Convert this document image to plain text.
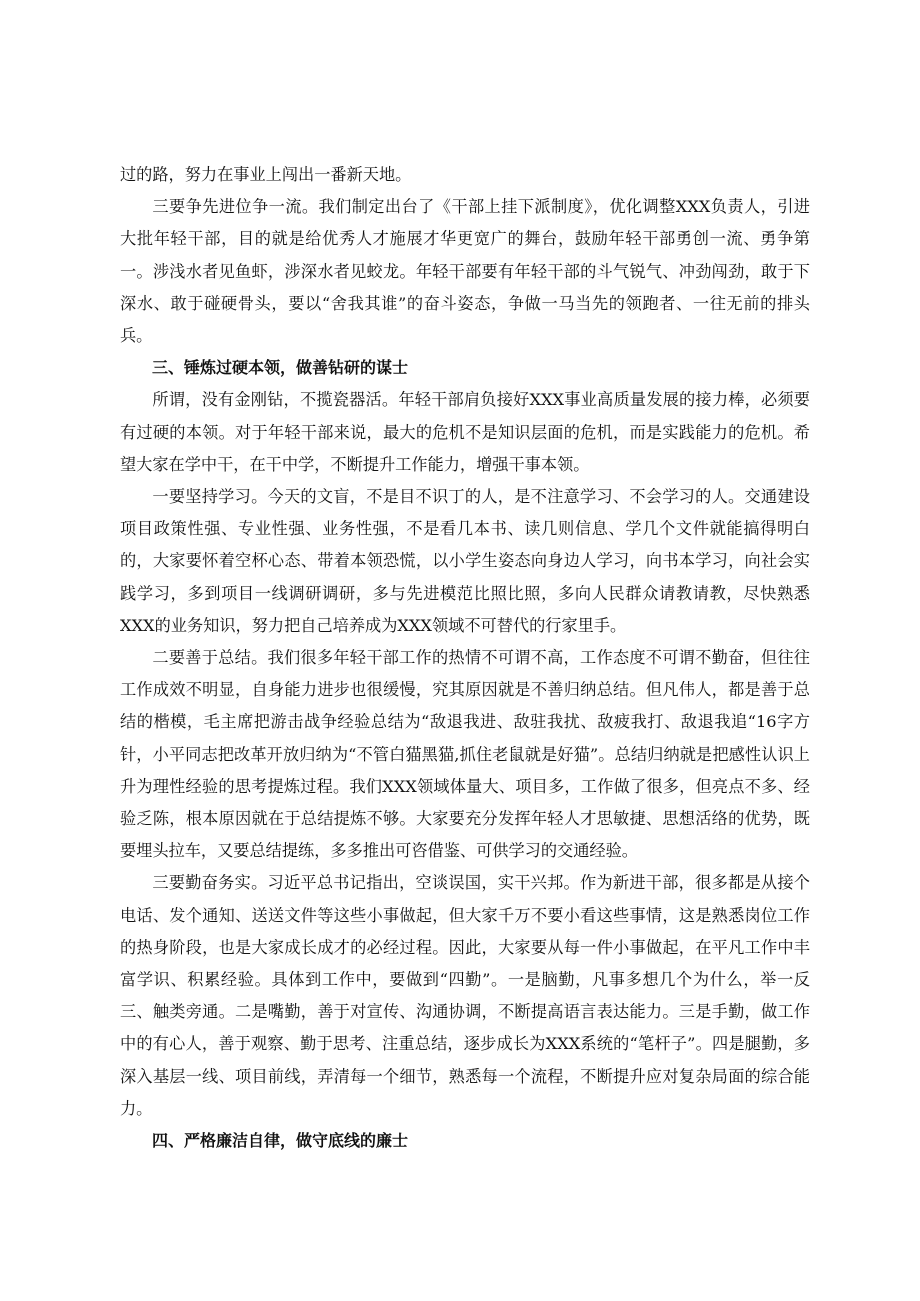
过的路，努力在事业上闯出一番新天地。

三要争先进位争一流。我们制定出台了《干部上挂下派制度》，优化调整XXX负责人，引进大批年轻干部，目的就是给优秀人才施展才华更宽广的舞台，鼓励年轻干部勇创一流、勇争第一。涉浅水者见鱼虾，涉深水者见蛟龙。年轻干部要有年轻干部的斗气锐气、冲劲闯劲，敢于下深水、敢于碰硬骨头，要以“舍我其谁”的奋斗姿态，争做一马当先的领跑者、一往无前的排头兵。

三、锤炼过硬本领，做善钻研的谋士

所谓，没有金刚钻，不揽瓷器活。年轻干部肩负接好XXX事业高质量发展的接力棒，必须要有过硬的本领。对于年轻干部来说，最大的危机不是知识层面的危机，而是实践能力的危机。希望大家在学中干，在干中学，不断提升工作能力，增强干事本领。

一要坚持学习。今天的文盲，不是目不识丁的人，是不注意学习、不会学习的人。交通建设项目政策性强、专业性强、业务性强，不是看几本书、读几则信息、学几个文件就能搞得明白的，大家要怀着空杯心态、带着本领恐慌，以小学生姿态向身边人学习，向书本学习，向社会实践学习，多到项目一线调研调研，多与先进模范比照比照，多向人民群众请教请教，尽快熟悉XXX的业务知识，努力把自己培养成为XXX领域不可替代的行家里手。

二要善于总结。我们很多年轻干部工作的热情不可谓不高，工作态度不可谓不勤奋，但往往工作成效不明显，自身能力进步也很缓慢，究其原因就是不善归纳总结。但凡伟人，都是善于总结的楷模，毛主席把游击战争经验总结为“敌退我进、敌驻我扰、敌疲我打、敌退我追“16字方针，小平同志把改革开放归纳为“不管白猫黑猫,抓住老鼠就是好猫”。总结归纳就是把感性认识上升为理性经验的思考提炼过程。我们XXX领域体量大、项目多，工作做了很多，但亮点不多、经验乏陈，根本原因就在于总结提炼不够。大家要充分发挥年轻人才思敏捷、思想活络的优势，既要埋头拉车，又要总结提练，多多推出可咨借鉴、可供学习的交通经验。

三要勤奋务实。习近平总书记指出，空谈误国，实干兴邦。作为新进干部，很多都是从接个电话、发个通知、送送文件等这些小事做起，但大家千万不要小看这些事情，这是熟悉岗位工作的热身阶段，也是大家成长成才的必经过程。因此，大家要从每一件小事做起，在平凡工作中丰富学识、积累经验。具体到工作中，要做到“四勤”。一是脑勤，凡事多想几个为什么，举一反三、触类旁通。二是嘴勤，善于对宣传、沟通协调，不断提高语言表达能力。三是手勤，做工作中的有心人，善于观察、勤于思考、注重总结，逐步成长为XXX系统的“笔杆子”。四是腿勤，多深入基层一线、项目前线，弄清每一个细节，熟悉每一个流程，不断提升应对复杂局面的综合能力。

四、严格廉洁自律，做守底线的廉士
